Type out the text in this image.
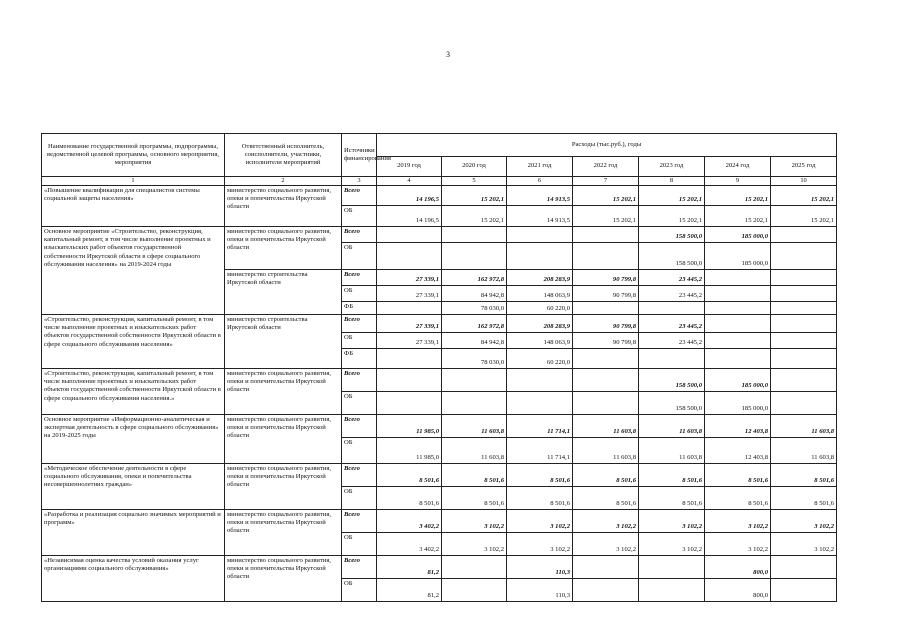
3
Наименование государственной программы, подпрограммы, ведомственной целевой программы, основного мероприятия, мероприятия	Ответственный исполнитель, соисполнители, участники, исполнители мероприятий	Источники финансирования	Расходы (тыс.руб.), годы						
			2019 год	2020 год	2021 год	2022 год	2023 год	2024 год	2025 год
1	2	3	4	5	6	7	8	9	10
«Повышение квалификации для специалистов системы социальной защиты населения»	министерство социального развития, опеки и попечительства Иркутской области	Всего	14 196,5	15 202,1	14 913,5	15 202,1	15 202,1	15 202,1	15 202,1
		ОБ	14 196,5	15 202,1	14 913,5	15 202,1	15 202,1	15 202,1	15 202,1
Основное мероприятие «Строительство, реконструкция, капитальный ремонт, в том числе выполнение проектных и изыскательских работ объектов государственной собственности Иркутской области в сфере социального обслуживания населения» на 2019-2024 годы	министерство социального развития, опеки и попечительства Иркутской области	Всего					158 500,0	185 000,0	
		ОБ					158 500,0	185 000,0	
	министерство строительства Иркутской области	Всего	27 339,1	162 972,8	208 283,9	90 799,8	23 445,2		
		ОБ	27 339,1	84 942,8	148 063,9	90 799,8	23 445,2		
		ФБ		78 030,0	60 220,0				
«Строительство, реконструкция, капитальный ремонт, в том числе выполнение проектных и изыскательских работ объектов государственной собственности Иркутской области в сфере социального обслуживания населения»	министерство строительства Иркутской области	Всего	27 339,1	162 972,8	208 283,9	90 799,8	23 445,2		
		ОБ	27 339,1	84 942,8	148 063,9	90 799,8	23 445,2		
		ФБ		78 030,0	60 220,0				
«Строительство, реконструкция, капитальный ремонт, в том числе выполнение проектных и изыскательских работ объектов государственной собственности Иркутской области в сфере социального обслуживания населения.»	министерство социального развития, опеки и попечительства Иркутской области	Всего					158 500,0	185 000,0	
		ОБ					158 500,0	185 000,0	
Основное мероприятие «Информационно-аналитическая и экспертная деятельность в сфере социального обслуживания» на 2019-2025 годы	министерство социального развития, опеки и попечительства Иркутской области	Всего	11 985,0	11 603,8	11 714,1	11 603,8	11 603,8	12 403,8	11 603,8
		ОБ	11 985,0	11 603,8	11 714,1	11 603,8	11 603,8	12 403,8	11 603,8
«Методическое обеспечение деятельности в сфере социального обслуживания, опеки и попечительства несовершеннолетних граждан»	министерство социального развития, опеки и попечительства Иркутской области	Всего	8 501,6	8 501,6	8 501,6	8 501,6	8 501,6	8 501,6	8 501,6
		ОБ	8 501,6	8 501,6	8 501,6	8 501,6	8 501,6	8 501,6	8 501,6
«Разработка и реализация социально значимых мероприятий и программ»	министерство социального развития, опеки и попечительства Иркутской области	Всего	3 402,2	3 102,2	3 102,2	3 102,2	3 102,2	3 102,2	3 102,2
		ОБ	3 402,2	3 102,2	3 102,2	3 102,2	3 102,2	3 102,2	3 102,2
«Независимая оценка качества условий оказания услуг организациями социального обслуживания»	министерство социального развития, опеки и попечительства Иркутской области	Всего	81,2		110,3			800,0	
		ОБ	81,2		110,3			800,0	
